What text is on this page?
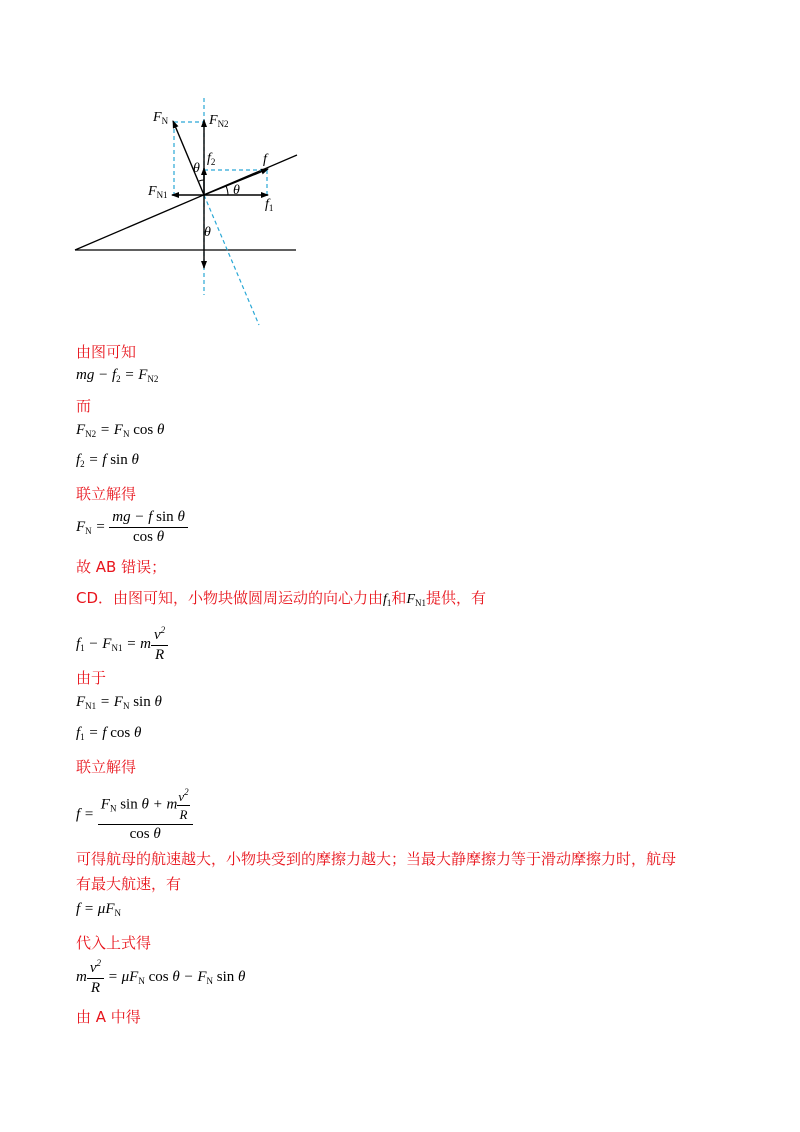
$F_N$	$F_{N2}$
$F_{N1}$
f
$f_1$
$f_2$
θ
θ
θ
由图可知
mg − $f_2 = F_{N2}$
而
$F_{N2} = F_N$ cos θ
$f_2 = f$ sin θ
联立解得
$F_N = \frac{\text{mg − f sin θ}}{\text{cos θ}}$
故 AB 错误；
CD．由图可知，小物块做圆周运动的向心力由$f_1$和$F_{N1}$提供，有
$f_1 - F_{N1} = m \frac{v^2}{R}$
由于
$F_{N1} = F_N$ sin θ
$f_1 = f$ cos θ
联立解得
$f = \frac{F_N \sin \theta + m \frac{v^2}{R}}{\text{cos θ}}$
可得航母的航速越大，小物块受到的摩擦力越大；当最大静摩擦力等于滑动摩擦力时，航母
有最大航速，有
$f = \mu F_N$
代入上式得
m $\frac{v^2}{R} = \mu F_N$ $\cos \theta - F_N$ sin θ
由 A 中得
